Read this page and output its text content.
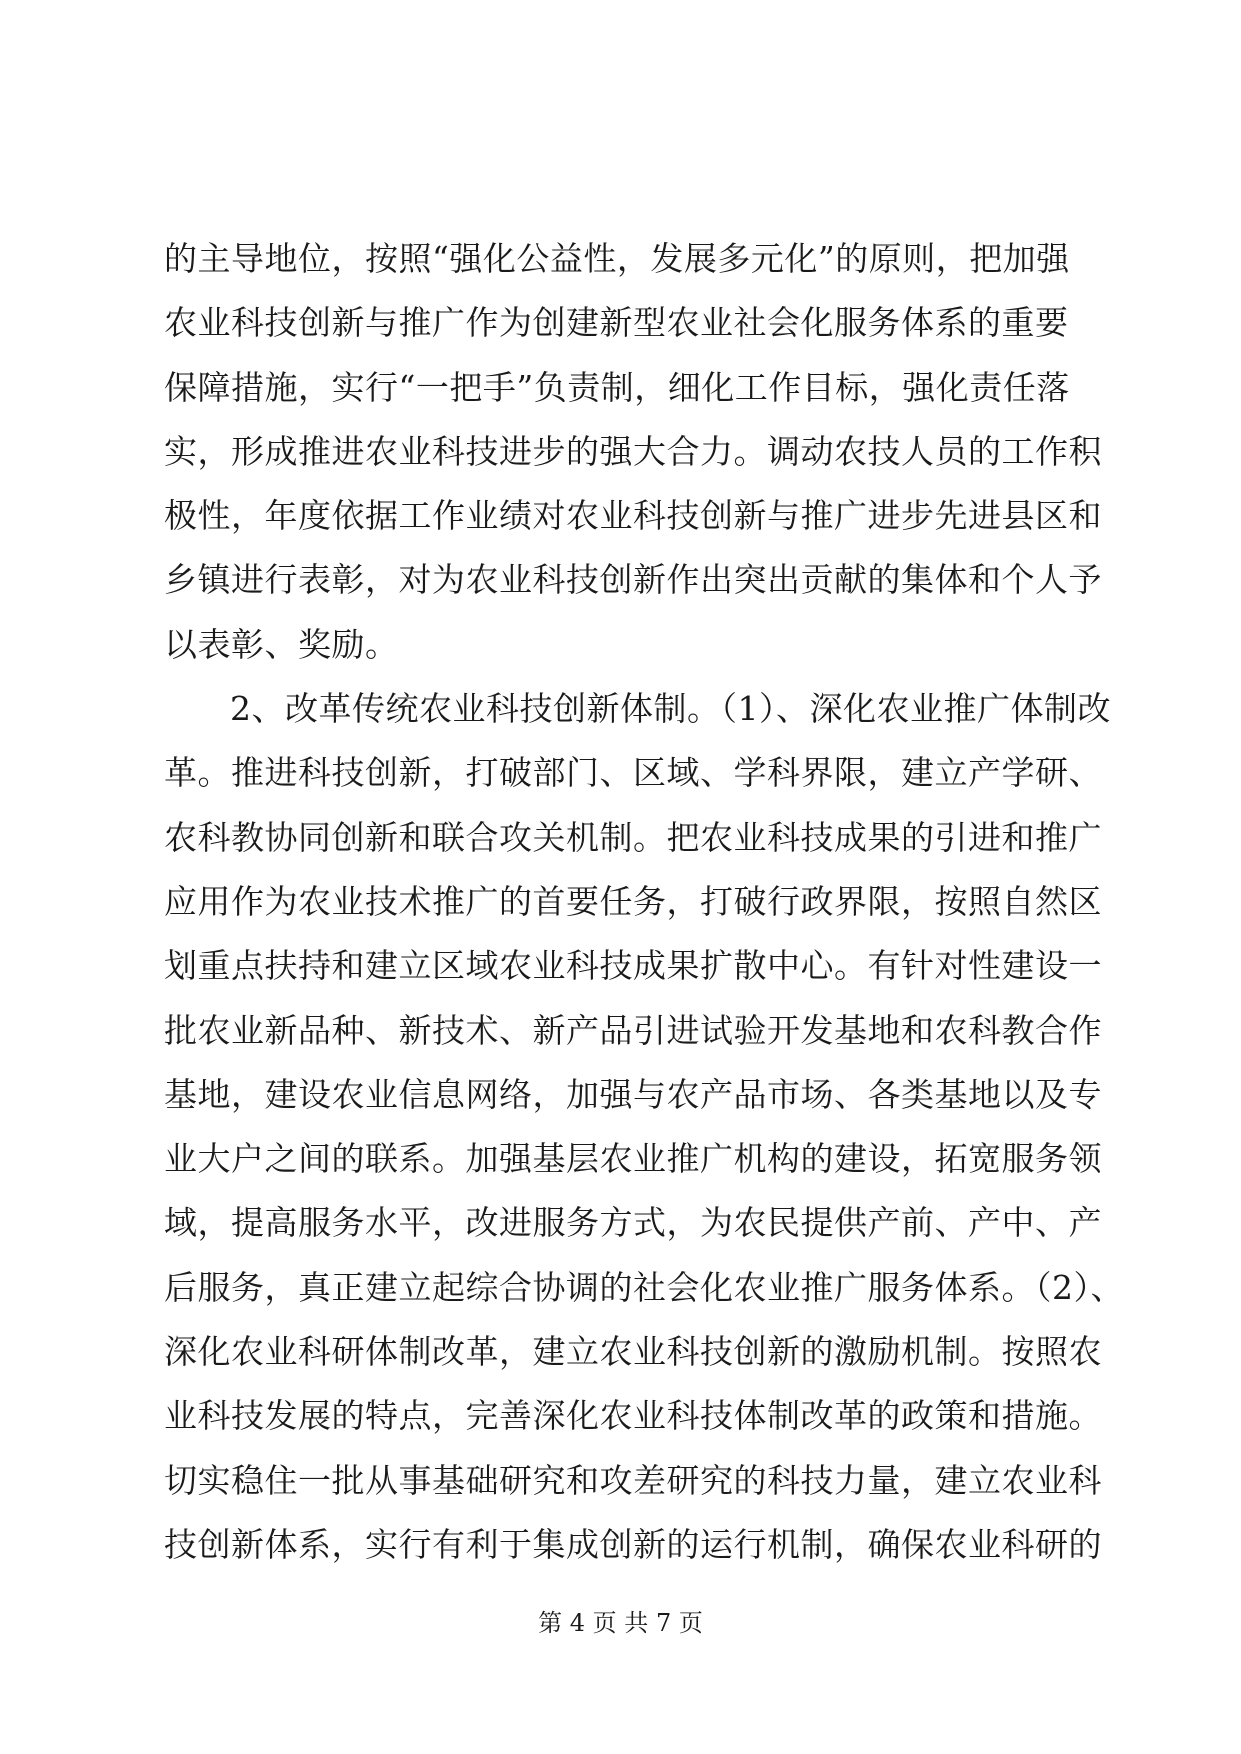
的主导地位，按照“强化公益性，发展多元化”的原则，把加强
农业科技创新与推广作为创建新型农业社会化服务体系的重要
保障措施，实行“一把手”负责制，细化工作目标，强化责任落
实，形成推进农业科技进步的强大合力。调动农技人员的工作积
极性，年度依据工作业绩对农业科技创新与推广进步先进县区和
乡镇进行表彰，对为农业科技创新作出突出贡献的集体和个人予
以表彰、奖励。
2、改革传统农业科技创新体制。（1）、深化农业推广体制改
革。推进科技创新，打破部门、区域、学科界限，建立产学研、
农科教协同创新和联合攻关机制。把农业科技成果的引进和推广
应用作为农业技术推广的首要任务，打破行政界限，按照自然区
划重点扶持和建立区域农业科技成果扩散中心。有针对性建设一
批农业新品种、新技术、新产品引进试验开发基地和农科教合作
基地，建设农业信息网络，加强与农产品市场、各类基地以及专
业大户之间的联系。加强基层农业推广机构的建设，拓宽服务领
域，提高服务水平，改进服务方式，为农民提供产前、产中、产
后服务，真正建立起综合协调的社会化农业推广服务体系。（2）、
深化农业科研体制改革，建立农业科技创新的激励机制。按照农
业科技发展的特点，完善深化农业科技体制改革的政策和措施。
切实稳住一批从事基础研究和攻差研究的科技力量，建立农业科
技创新体系，实行有利于集成创新的运行机制，确保农业科研的
第 4 页 共 7 页
